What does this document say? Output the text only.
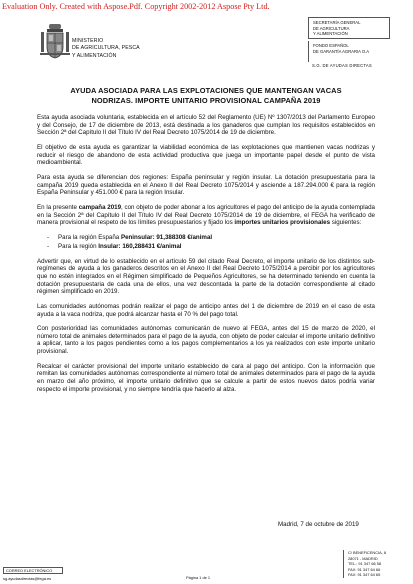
Evaluation Only. Created with Aspose.Pdf. Copyright 2002-2012 Aspose Pty Ltd.
MINISTERIO
DE AGRICULTURA, PESCA
Y ALIMENTACIÓN
SECRETARÍA GENERAL
DE AGRICULTURA
Y ALIMENTACIÓN
FONDO ESPAÑOL
DE GARANTÍA AGRARIA O.A
S.G. DE AYUDAS DIRECTAS
AYUDA ASOCIADA PARA LAS EXPLOTACIONES QUE MANTENGAN VACAS
NODRIZAS. IMPORTE UNITARIO PROVISIONAL CAMPAÑA 2019

Esta ayuda asociada voluntaria, establecida en el artículo 52 del Reglamento (UE) Nº 1307/2013 del Parlamento Europeo y del Consejo, de 17 de diciembre de 2013, está destinada a los ganaderos que cumplan los requisitos establecidos en Sección 2ª del Capítulo II del Título IV del Real Decreto 1075/2014 de 19 de diciembre.

El objetivo de esta ayuda es garantizar la viabilidad económica de las explotaciones que mantienen vacas nodrizas y reducir el riesgo de abandono de esta actividad productiva que juega un importante papel desde el punto de vista medioambiental.

Para esta ayuda se diferencian dos regiones: España peninsular y región insular. La dotación presupuestaria para la campaña 2019 queda establecida en el Anexo II del Real Decreto 1075/2014 y asciende a 187.294.000 € para la región España Peninsular y 451.000 € para la región Insular.

En la presente campaña 2019, con objeto de poder abonar a los agricultores el pago del anticipo de la ayuda contemplada en la Sección 2ª del Capítulo II del Título IV del Real Decreto 1075/2014 de 19 de diciembre, el FEGA ha verificado de manera provisional el respeto de los límites presupuestarios y fijado los importes unitarios provisionales siguientes:

- Para la región España Peninsular: 91,388308 €/animal
- Para la región Insular: 160,288431 €/animal

Advertir que, en virtud de lo establecido en el artículo 59 del citado Real Decreto, el importe unitario de los distintos sub-regímenes de ayuda a los ganaderos descritos en el Anexo II del Real Decreto 1075/2014 a percibir por los agricultores que no estén integrados en el Régimen simplificado de Pequeños Agricultores, se ha determinado teniendo en cuenta la dotación presupuestaria de cada una de ellos, una vez descontada la parte de la dotación correspondiente al citado régimen simplificado en 2019.

Las comunidades autónomas podrán realizar el pago de anticipo antes del 1 de diciembre de 2019 en el caso de esta ayuda a la vaca nodriza, que podrá alcanzar hasta el 70 % del pago total.

Con posterioridad las comunidades autónomas comunicarán de nuevo al FEGA, antes del 15 de marzo de 2020, el número total de animales determinados para el pago de la ayuda, con objeto de poder calcular el importe unitario definitivo a aplicar, tanto a los pagos pendientes como a los pagos complementarios a los ya realizados con este importe unitario provisional.

Recalcar el carácter provisional del importe unitario establecido de cara al pago del anticipo. Con la información que remitan las comunidades autónomas correspondiente al número total de animales determinados para el pago de la ayuda en marzo del año próximo, el importe unitario definitivo que se calcule a partir de estos nuevos datos podría variar respecto el importe provisional, y no siempre tendría que hacerlo al alza.

Madrid, 7 de octubre de 2019
CORREO ELECTRÓNICO
sg.ayudasdirectas@fega.es	Página 1 de 1
C/ BENEFICENCIA, 8
28071 - MADRID
TEL.: 91 347 66 58
FAX: 91 347 64 66
FAX: 91 347 64 65
